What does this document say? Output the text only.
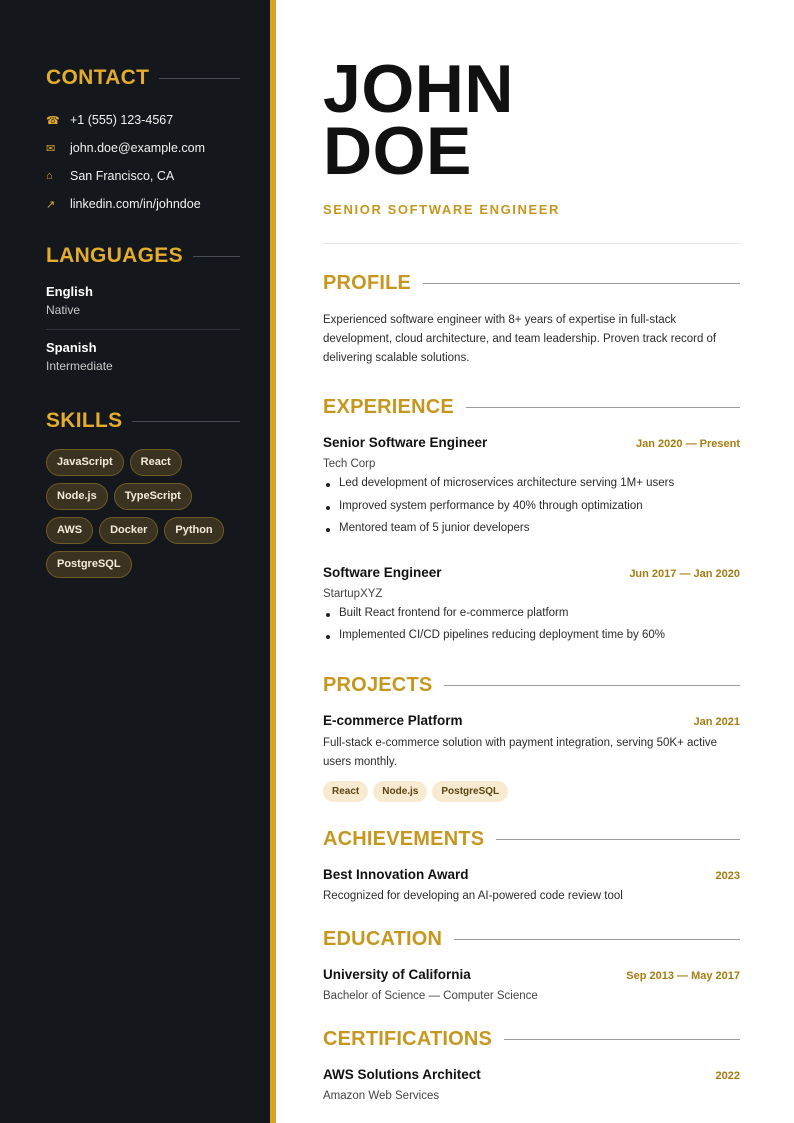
CONTACT
☎ +1 (555) 123-4567
✉	john.doe@example.com
⌂	San Francisco, CA
↗	linkedin.com/in/johndoe
LANGUAGES
English
Native
Spanish
Intermediate
SKILLS
JavaScript	React
Node.js	TypeScript
AWS	Docker	Python
PostgreSQL
JOHN
DOE
SENIOR SOFTWARE ENGINEER
PROFILE

Experienced software engineer with 8+ years of expertise in full-stack development, cloud architecture, and team leadership. Proven track record of delivering scalable solutions.

EXPERIENCE
Senior Software Engineer	Jan 2020 — Present
Tech Corp
Led development of microservices architecture serving 1M+ users
Improved system performance by 40% through optimization
Mentored team of 5 junior developers
Software Engineer	Jun 2017 — Jan 2020
StartupXYZ
Built React frontend for e-commerce platform
Implemented CI/CD pipelines reducing deployment time by 60%
PROJECTS
E-commerce Platform	Jan 2021

Full-stack e-commerce solution with payment integration, serving 50K+ active users monthly.

React	Node.js	PostgreSQL
ACHIEVEMENTS
Best Innovation Award	2023
Recognized for developing an AI-powered code review tool
EDUCATION
University of California	Sep 2013 — May 2017
Bachelor of Science — Computer Science
CERTIFICATIONS
AWS Solutions Architect	2022
Amazon Web Services
